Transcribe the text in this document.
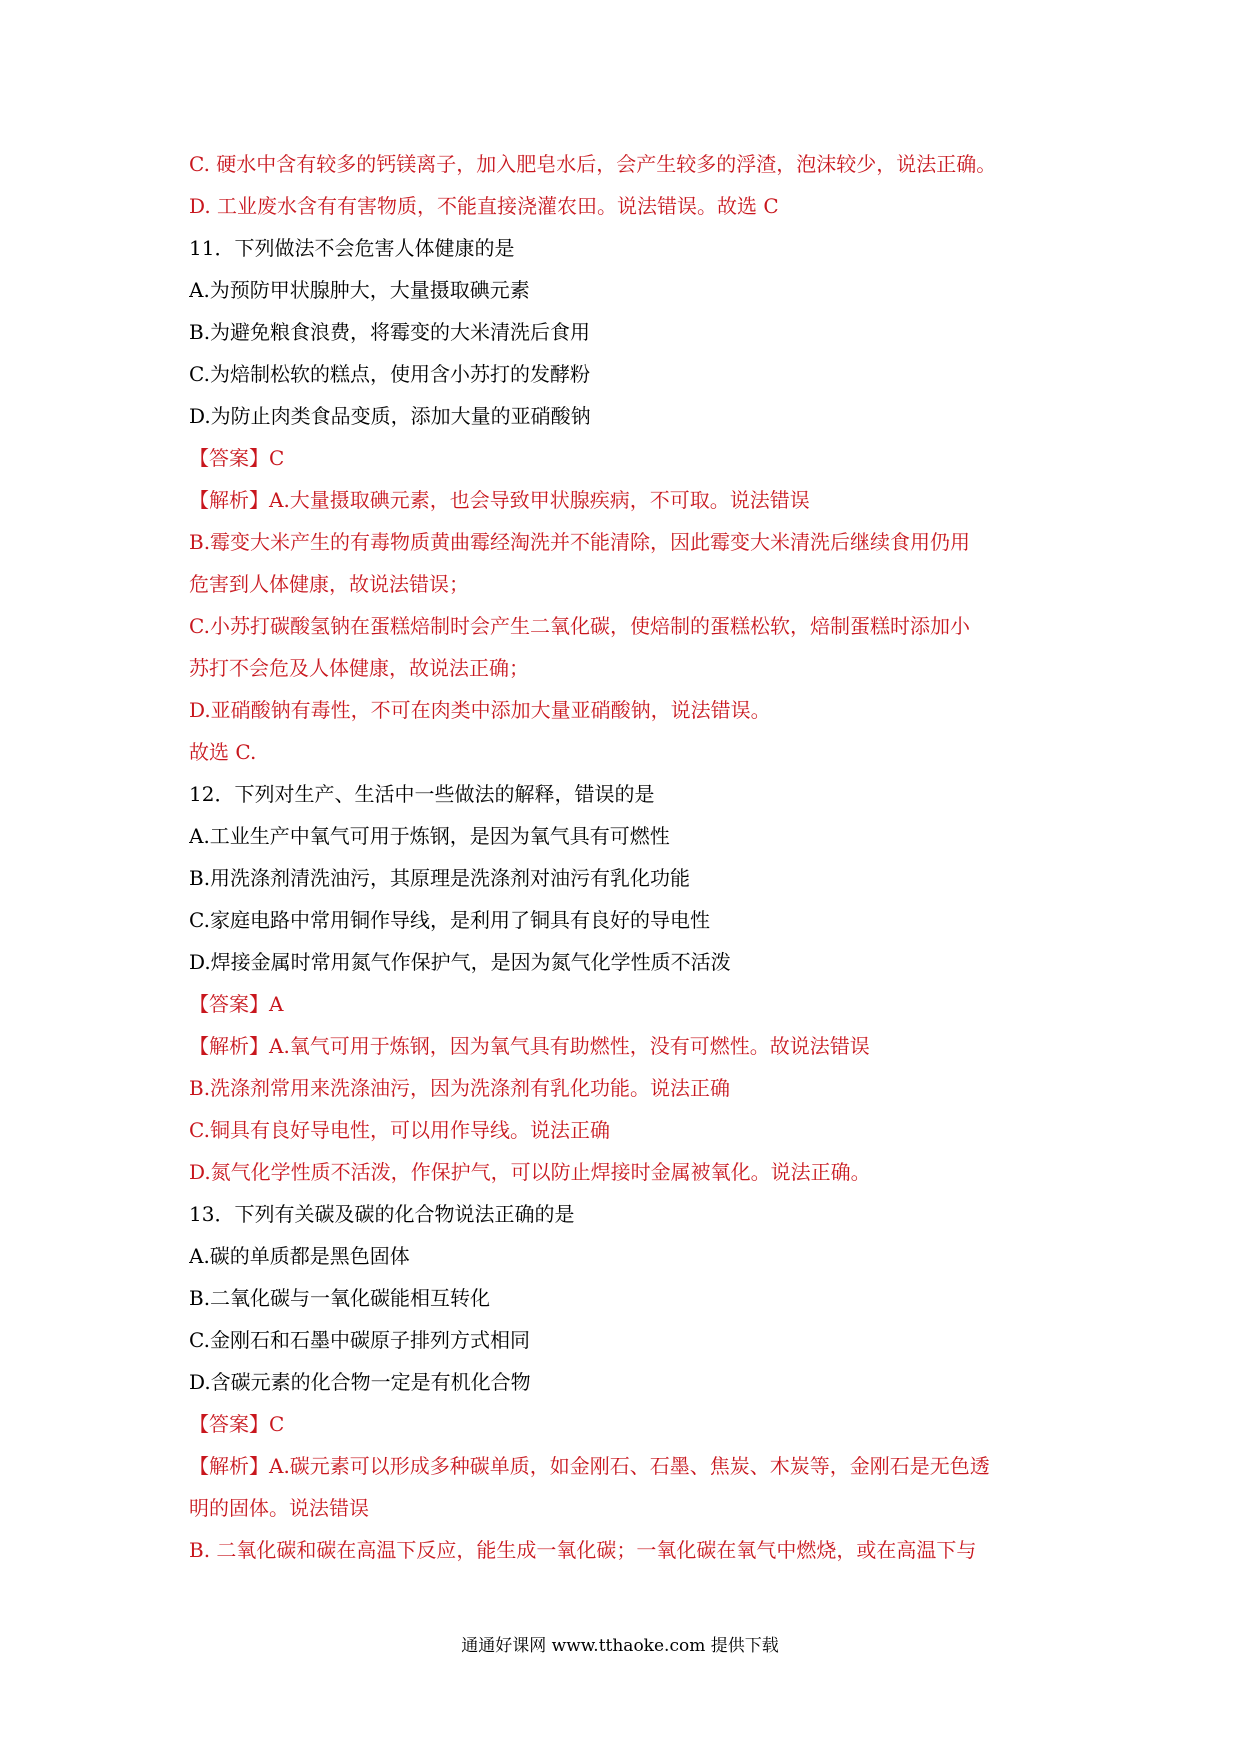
C. 硬水中含有较多的钙镁离子，加入肥皂水后，会产生较多的浮渣，泡沫较少，说法正确。
D. 工业废水含有有害物质，不能直接浇灌农田。说法错误。故选 C
11．下列做法不会危害人体健康的是
A.为预防甲状腺肿大，大量摄取碘元素
B.为避免粮食浪费，将霉变的大米清洗后食用
C.为焙制松软的糕点，使用含小苏打的发酵粉
D.为防止肉类食品变质，添加大量的亚硝酸钠
【答案】C
【解析】A.大量摄取碘元素，也会导致甲状腺疾病，不可取。说法错误
B.霉变大米产生的有毒物质黄曲霉经淘洗并不能清除，因此霉变大米清洗后继续食用仍用
危害到人体健康，故说法错误；
C.小苏打碳酸氢钠在蛋糕焙制时会产生二氧化碳，使焙制的蛋糕松软，焙制蛋糕时添加小
苏打不会危及人体健康，故说法正确；
D.亚硝酸钠有毒性，不可在肉类中添加大量亚硝酸钠，说法错误。
故选 C.
12．下列对生产、生活中一些做法的解释，错误的是
A.工业生产中氧气可用于炼钢，是因为氧气具有可燃性
B.用洗涤剂清洗油污，其原理是洗涤剂对油污有乳化功能
C.家庭电路中常用铜作导线，是利用了铜具有良好的导电性
D.焊接金属时常用氮气作保护气，是因为氮气化学性质不活泼
【答案】A
【解析】A.氧气可用于炼钢，因为氧气具有助燃性，没有可燃性。故说法错误
B.洗涤剂常用来洗涤油污，因为洗涤剂有乳化功能。说法正确
C.铜具有良好导电性，可以用作导线。说法正确
D.氮气化学性质不活泼，作保护气，可以防止焊接时金属被氧化。说法正确。
13．下列有关碳及碳的化合物说法正确的是
A.碳的单质都是黑色固体
B.二氧化碳与一氧化碳能相互转化
C.金刚石和石墨中碳原子排列方式相同
D.含碳元素的化合物一定是有机化合物
【答案】C
【解析】A.碳元素可以形成多种碳单质，如金刚石、石墨、焦炭、木炭等，金刚石是无色透
明的固体。说法错误
B. 二氧化碳和碳在高温下反应，能生成一氧化碳；一氧化碳在氧气中燃烧，或在高温下与
通通好课网 www.tthaoke.com 提供下载
